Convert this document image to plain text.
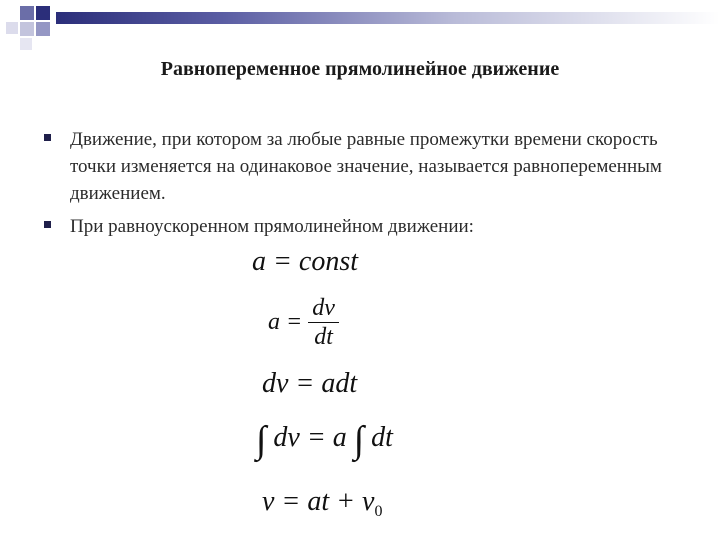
Равнопеременное прямолинейное движение
Движение, при котором за любые равные промежутки времени скорость точки изменяется на одинаковое значение, называется равнопеременным движением.
При равноускоренном прямолинейном движении:
a = const
$a = \frac{dv}{dt}$
dv = adt
∫ dv = a ∫ dt
v = at + $v_0$
